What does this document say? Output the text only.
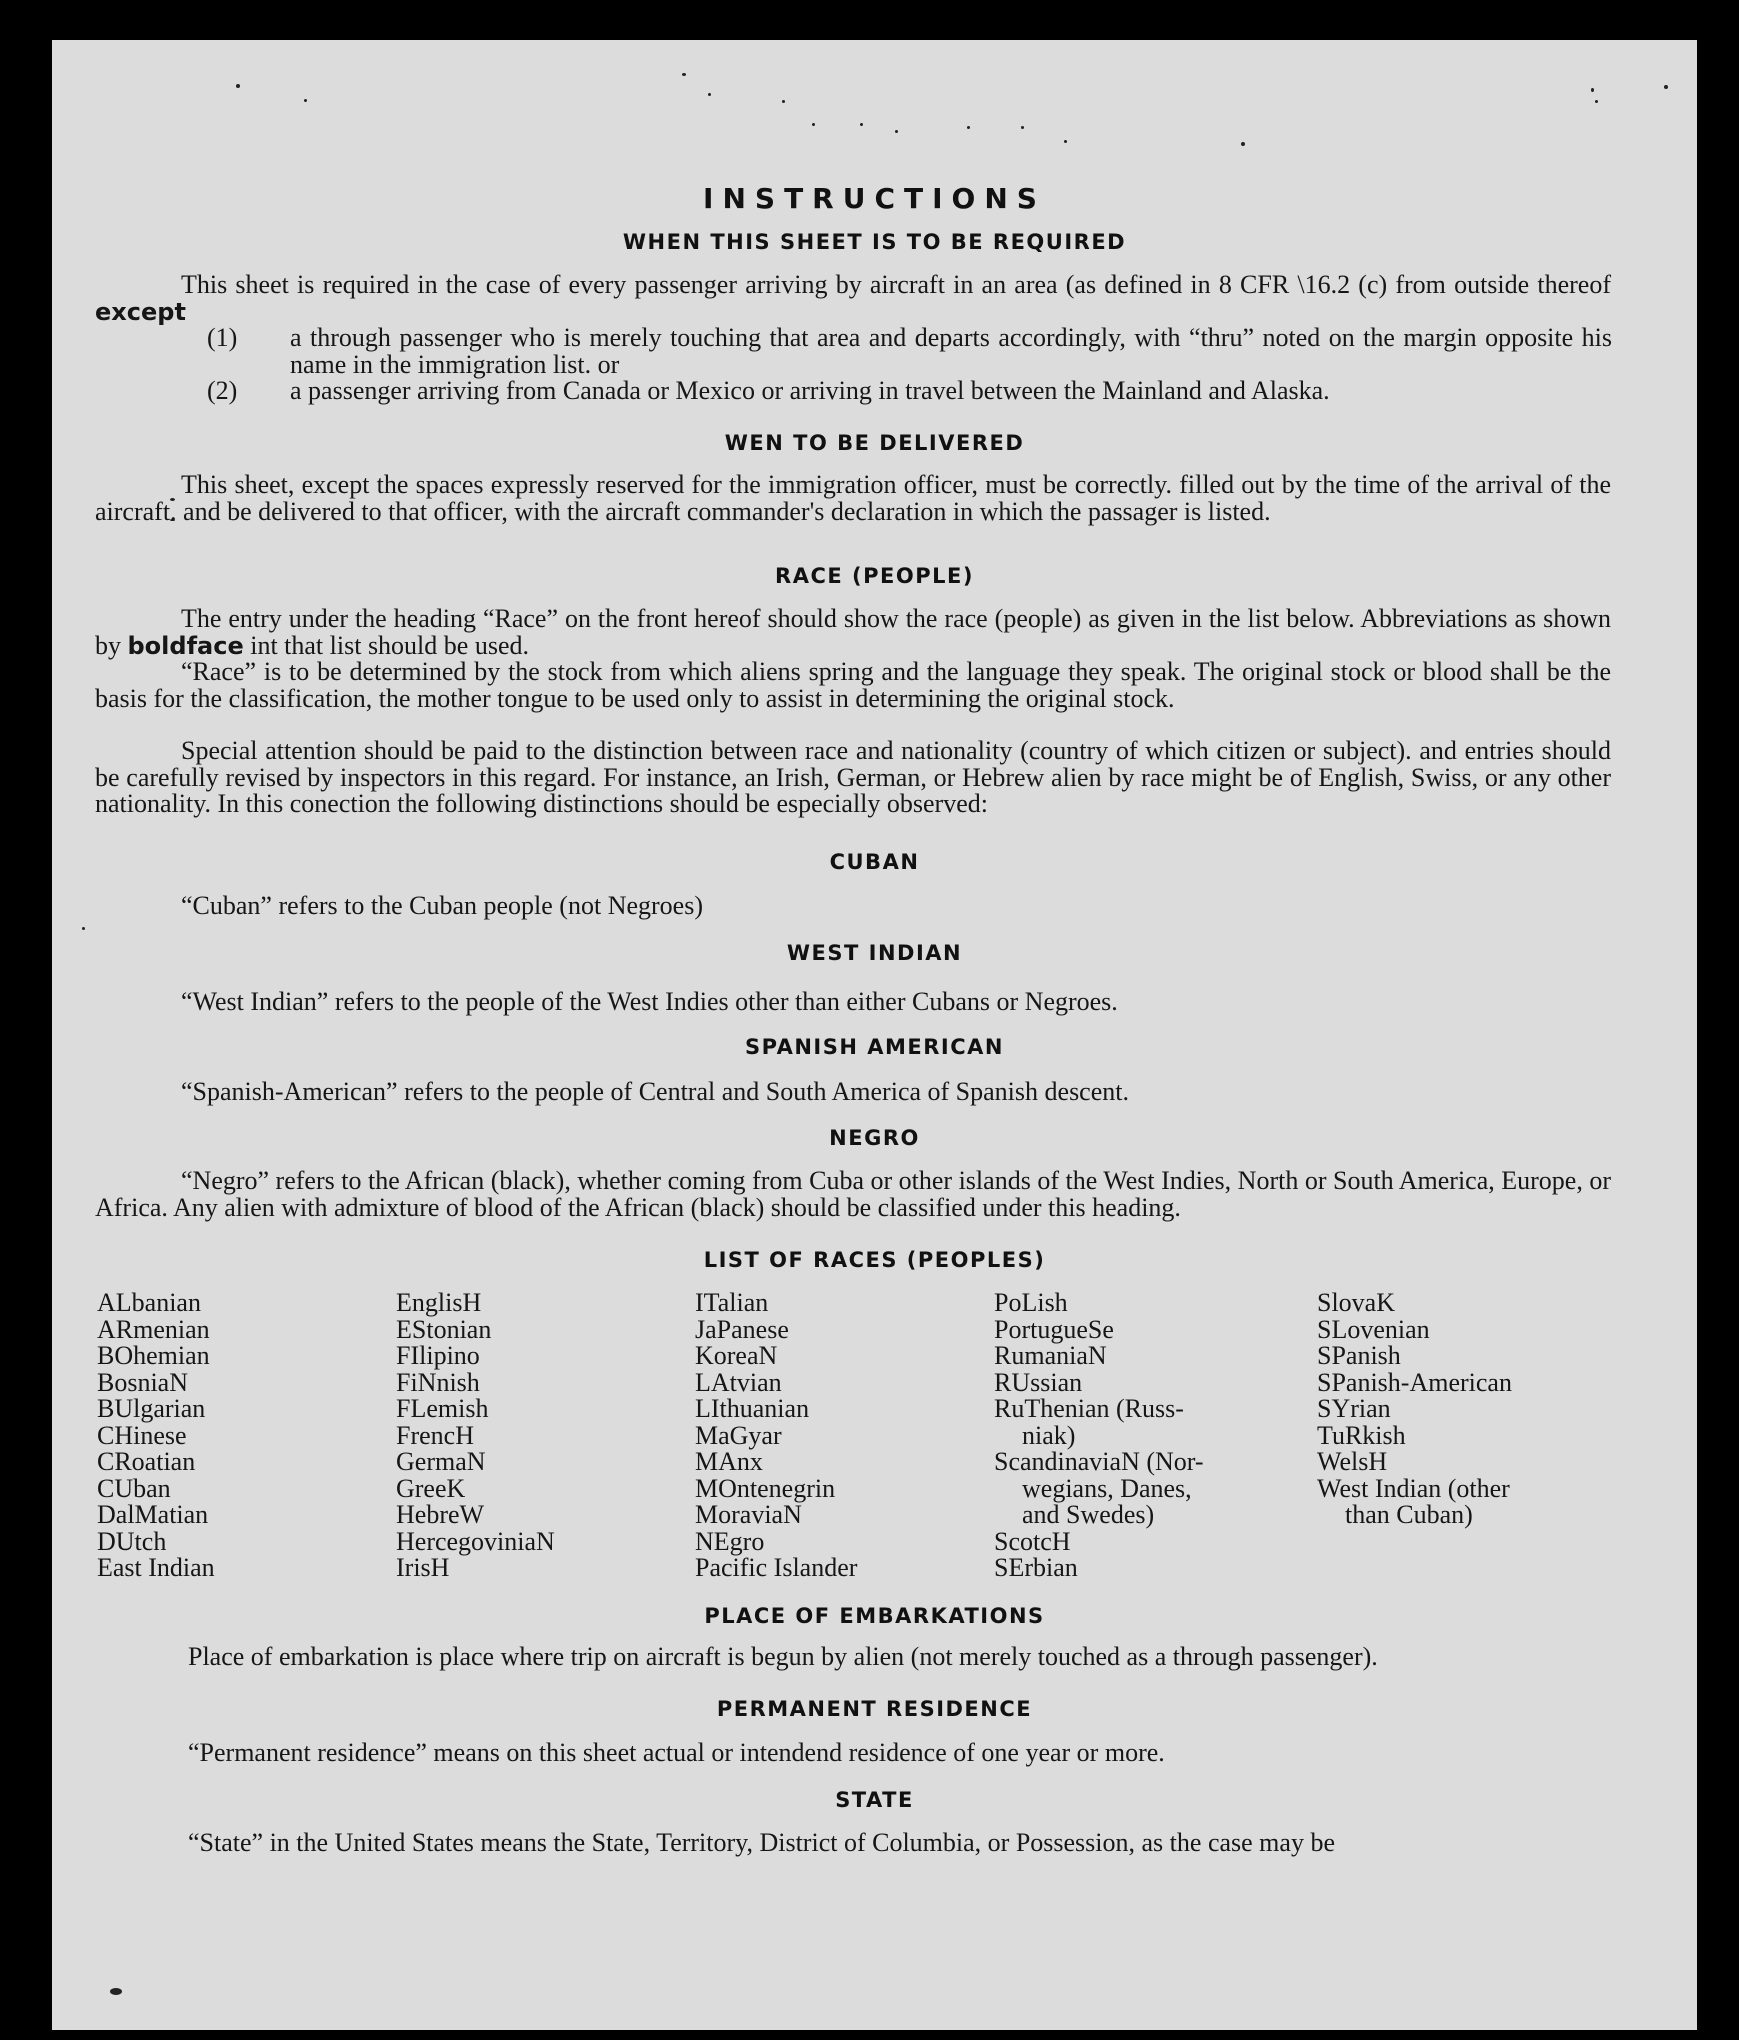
INSTRUCTIONS
WHEN THIS SHEET IS TO BE REQUIRED
This sheet is required in the case of every passenger arriving by aircraft in an area (as defined in 8 CFR \16.2 (c) from outside thereof except
(1)	a through passenger who is merely touching that area and departs accordingly, with “thru” noted on the margin opposite his name in the immigration list. or
(2)	a passenger arriving from Canada or Mexico or arriving in travel between the Mainland and Alaska.
WEN TO BE DELIVERED
This sheet, except the spaces expressly reserved for the immigration officer, must be correctly. filled out by the time of the arrival of the aircraft. and be delivered to that officer, with the aircraft commander's declaration in which the passager is listed.
RACE (PEOPLE)
The entry under the heading “Race” on the front hereof should show the race (people) as given in the list below. Abbreviations as shown by boldface int that list should be used.
“Race” is to be determined by the stock from which aliens spring and the language they speak. The original stock or blood shall be the basis for the classification, the mother tongue to be used only to assist in determining the original stock.
Special attention should be paid to the distinction between race and nationality (country of which citizen or subject). and entries should be carefully revised by inspectors in this regard. For instance, an Irish, German, or Hebrew alien by race might be of English, Swiss, or any other nationality. In this conection the following distinctions should be especially observed:
CUBAN
“Cuban” refers to the Cuban people (not Negroes)
WEST INDIAN
“West Indian” refers to the people of the West Indies other than either Cubans or Negroes.
SPANISH AMERICAN
“Spanish-American” refers to the people of Central and South America of Spanish descent.
NEGRO
“Negro” refers to the African (black), whether coming from Cuba or other islands of the West Indies, North or South America, Europe, or Africa. Any alien with admixture of blood of the African (black) should be classified under this heading.
LIST OF RACES (PEOPLES)
ALbanian
ARmenian
BOhemian
BosniaN
BUlgarian
CHinese
CRoatian
CUban
DalMatian
DUtch
East Indian
EnglisH
EStonian
FIlipino
FiNnish
FLemish
FrencH
GermaN
GreeK
HebreW
HercegoviniaN
IrisH
ITalian
JaPanese
KoreaN
LAtvian
LIthuanian
MaGyar
MAnx
MOntenegrin
MoraviaN
NEgro
Pacific Islander
PoLish
PortugueSe
RumaniaN
RUssian
RuThenian (Russ-
niak)
ScandinaviaN (Nor-
wegians, Danes,
and Swedes)
ScotcH
SErbian
SlovaK
SLovenian
SPanish
SPanish-American
SYrian
TuRkish
WelsH
West Indian (other
than Cuban)
PLACE OF EMBARKATIONS
Place of embarkation is place where trip on aircraft is begun by alien (not merely touched as a through passenger).
PERMANENT RESIDENCE
“Permanent residence” means on this sheet actual or intendend residence of one year or more.
STATE
“State” in the United States means the State, Territory, District of Columbia, or Possession, as the case may be
